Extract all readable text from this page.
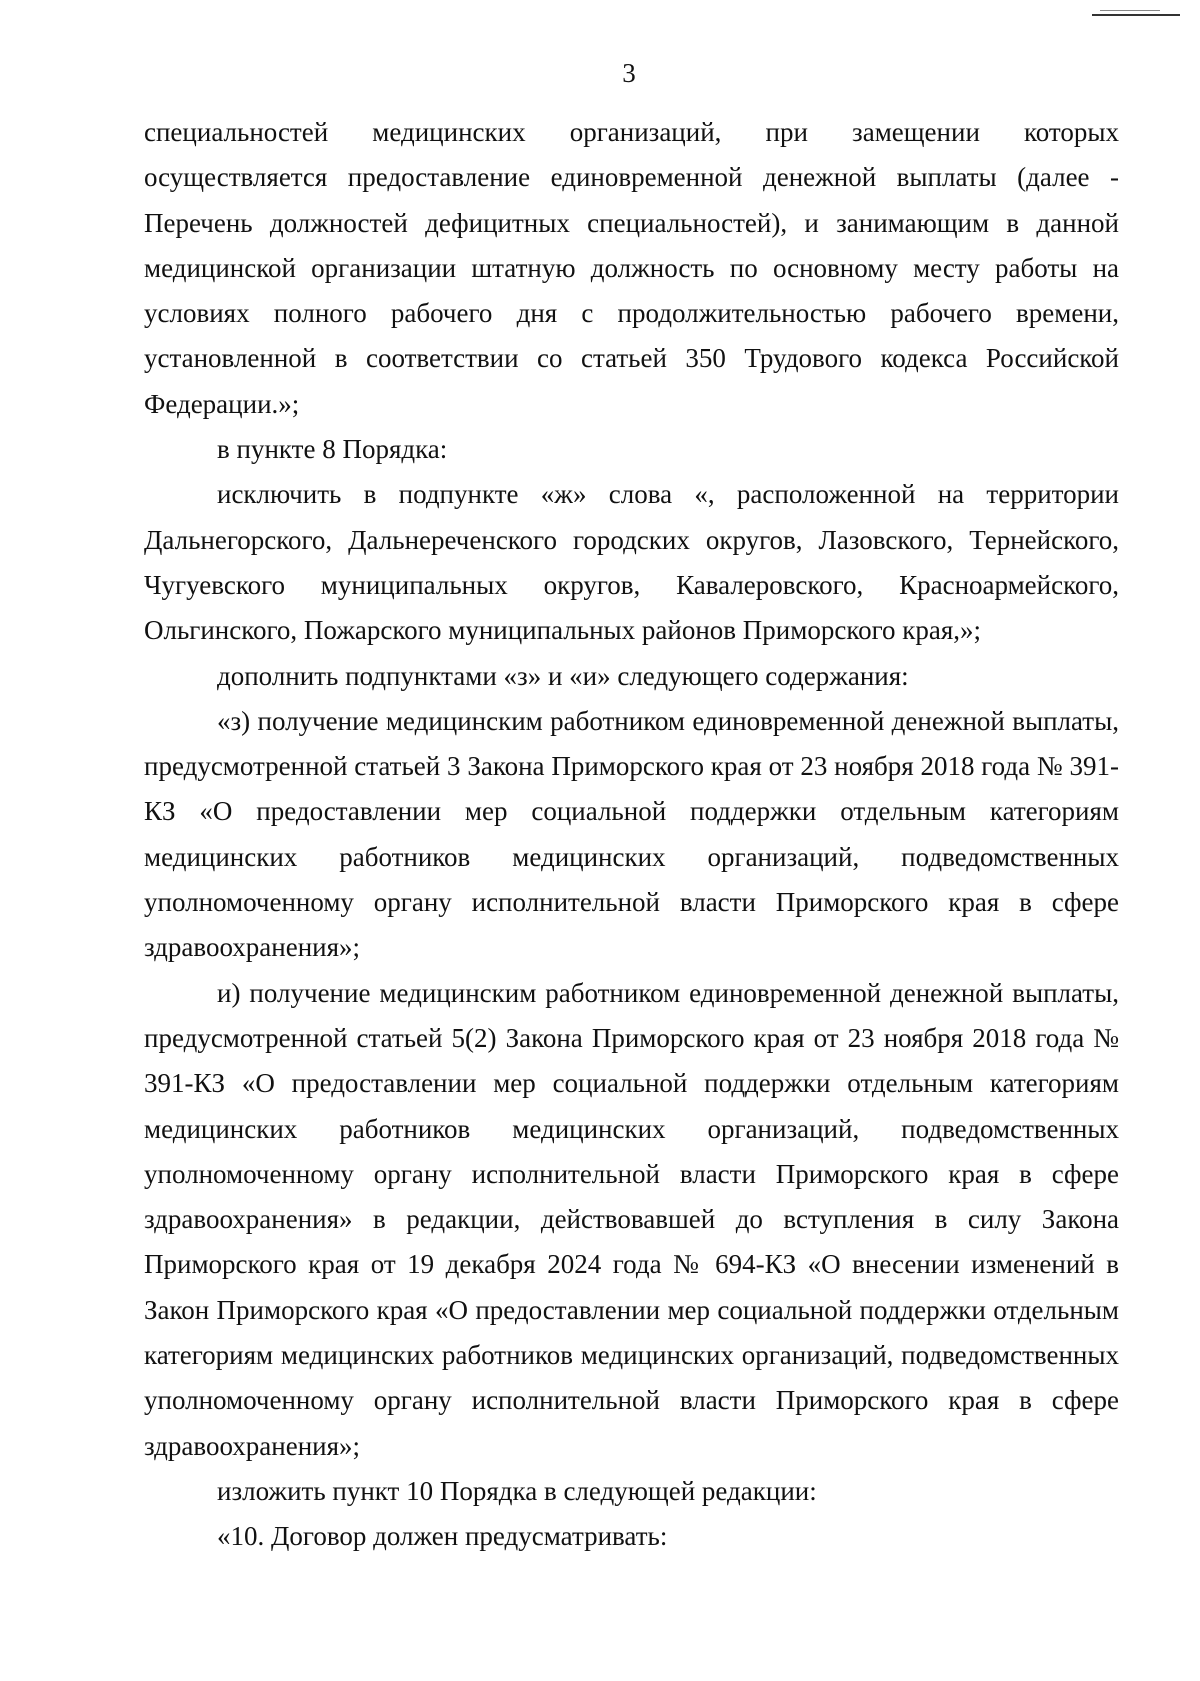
3

специальностей медицинских организаций, при замещении которых осуществляется предоставление единовременной денежной выплаты (далее - Перечень должностей дефицитных специальностей), и занимающим в данной медицинской организации штатную должность по основному месту работы на условиях полного рабочего дня с продолжительностью рабочего времени, установленной в соответствии со статьей 350 Трудового кодекса Российской Федерации.»;

в пункте 8 Порядка:

исключить в подпункте «ж» слова «, расположенной на территории Дальнегорского, Дальнереченского городских округов, Лазовского, Тернейского, Чугуевского муниципальных округов, Кавалеровского, Красноармейского, Ольгинского, Пожарского муниципальных районов Приморского края,»;

дополнить подпунктами «з» и «и» следующего содержания:

«з) получение медицинским работником единовременной денежной выплаты, предусмотренной статьей 3 Закона Приморского края от 23 ноября 2018 года № 391-КЗ «О предоставлении мер социальной поддержки отдельным категориям медицинских работников медицинских организаций, подведомственных уполномоченному органу исполнительной власти Приморского края в сфере здравоохранения»;

и) получение медицинским работником единовременной денежной выплаты, предусмотренной статьей 5(2) Закона Приморского края от 23 ноября 2018 года № 391-КЗ «О предоставлении мер социальной поддержки отдельным категориям медицинских работников медицинских организаций, подведомственных уполномоченному органу исполнительной власти Приморского края в сфере здравоохранения» в редакции, действовавшей до вступления в силу Закона Приморского края от 19 декабря 2024 года № 694-КЗ «О внесении изменений в Закон Приморского края «О предоставлении мер социальной поддержки отдельным категориям медицинских работников медицинских организаций, подведомственных уполномоченному органу исполнительной власти Приморского края в сфере здравоохранения»;

изложить пункт 10 Порядка в следующей редакции:

«10. Договор должен предусматривать:
